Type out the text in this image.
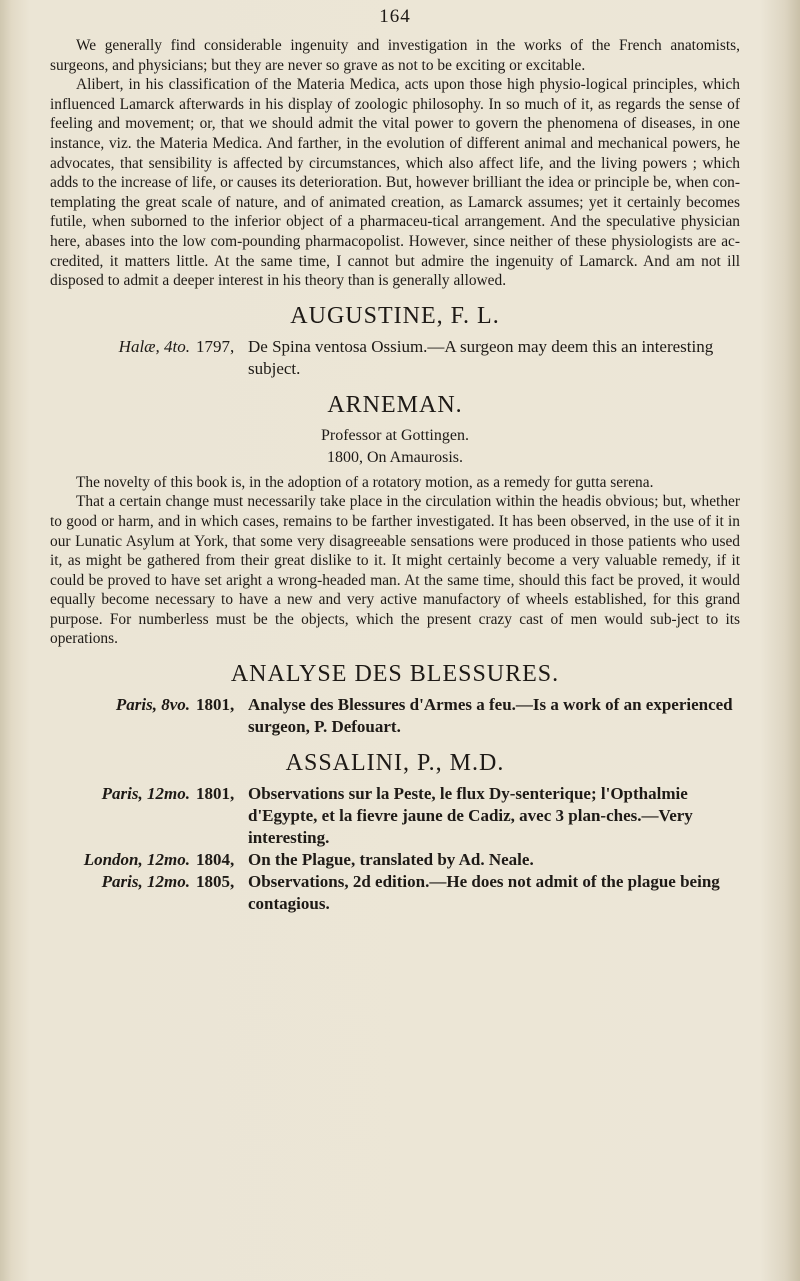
164

We generally find considerable ingenuity and investigation in the works of the French anatomists, surgeons, and physicians; but they are never so grave as not to be exciting or excitable.

Alibert, in his classification of the Materia Medica, acts upon those high physio-logical principles, which influenced Lamarck afterwards in his display of zoologic philosophy. In so much of it, as regards the sense of feeling and movement; or, that we should admit the vital power to govern the phenomena of diseases, in one instance, viz. the Materia Medica. And farther, in the evolution of different animal and mechanical powers, he advocates, that sensibility is affected by circumstances, which also affect life, and the living powers ; which adds to the increase of life, or causes its deterioration. But, however brilliant the idea or principle be, when con-templating the great scale of nature, and of animated creation, as Lamarck assumes; yet it certainly becomes futile, when suborned to the inferior object of a pharmaceu-tical arrangement. And the speculative physician here, abases into the low com-pounding pharmacopolist. However, since neither of these physiologists are ac-credited, it matters little. At the same time, I cannot but admire the ingenuity of Lamarck. And am not ill disposed to admit a deeper interest in his theory than is generally allowed.

AUGUSTINE, F. L.
Halæ, 4to. 1797, De Spina ventosa Ossium.—A surgeon may deem this an interesting subject.
ARNEMAN.
Professor at Gottingen.
1800, On Amaurosis.

The novelty of this book is, in the adoption of a rotatory motion, as a remedy for gutta serena.

That a certain change must necessarily take place in the circulation within the headis obvious; but, whether to good or harm, and in which cases, remains to be farther investigated. It has been observed, in the use of it in our Lunatic Asylum at York, that some very disagreeable sensations were produced in those patients who used it, as might be gathered from their great dislike to it. It might certainly become a very valuable remedy, if it could be proved to have set aright a wrong-headed man. At the same time, should this fact be proved, it would equally become necessary to have a new and very active manufactory of wheels established, for this grand purpose. For numberless must be the objects, which the present crazy cast of men would sub-ject to its operations.

ANALYSE DES BLESSURES.
Paris, 8vo. 1801, Analyse des Blessures d'Armes a feu.—Is a work of an experienced surgeon, P. Defouart.
ASSALINI, P., M.D.
Paris, 12mo. 1801, Observations sur la Peste, le flux Dy-senterique; l'Opthalmie d'Egypte, et la fievre jaune de Cadiz, avec 3 plan-ches.—Very interesting.
London, 12mo. 1804, On the Plague, translated by Ad. Neale.
Paris, 12mo. 1805, Observations, 2d edition.—He does not admit of the plague being contagious.
